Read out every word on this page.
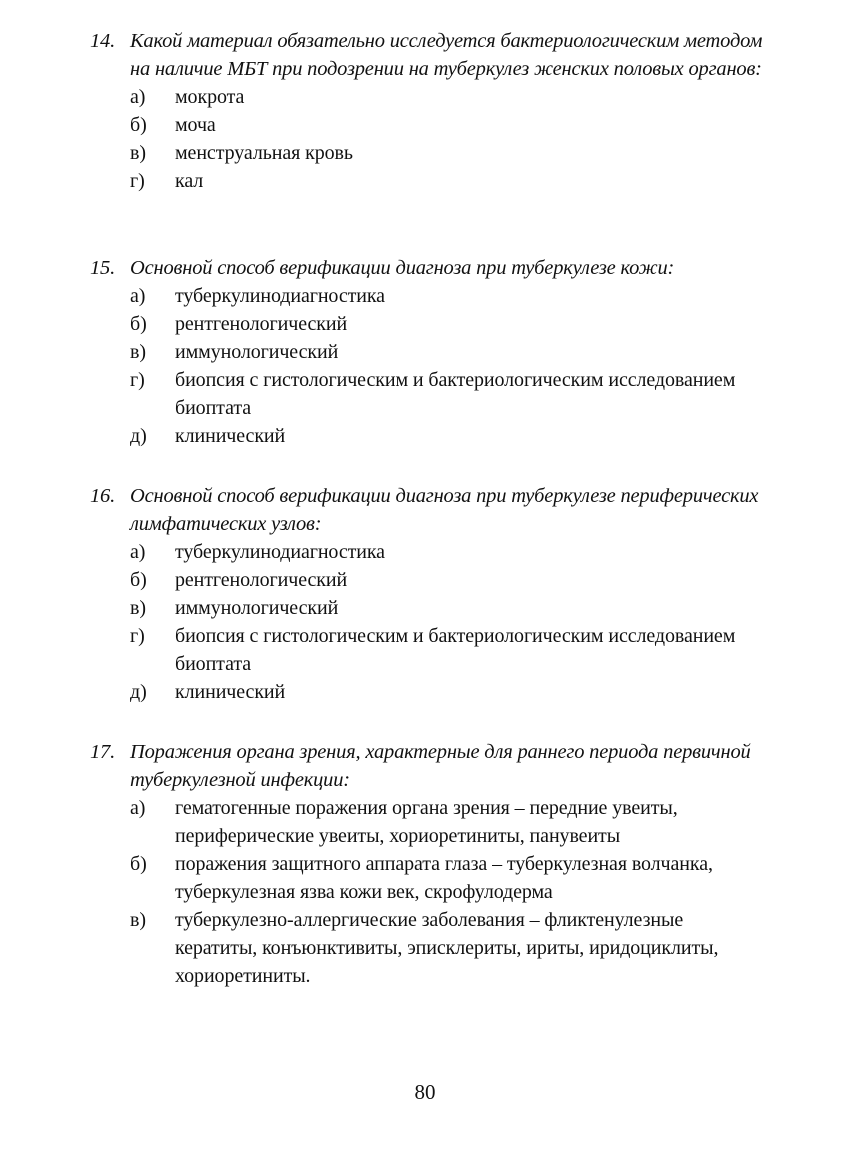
14. Какой материал обязательно исследуется бактериологическим методом на наличие МБТ при подозрении на туберкулез женских половых органов:
а) мокрота
б) моча
в) менструальная кровь
г) кал
15. Основной способ верификации диагноза при туберкулезе кожи:
а) туберкулинодиагностика
б) рентгенологический
в) иммунологический
г) биопсия с гистологическим и бактериологическим исследованием биоптата
д) клинический
16. Основной способ верификации диагноза при туберкулезе периферических лимфатических узлов:
а) туберкулинодиагностика
б) рентгенологический
в) иммунологический
г) биопсия с гистологическим и бактериологическим исследованием биоптата
д) клинический
17. Поражения органа зрения, характерные для раннего периода первичной туберкулезной инфекции:
а) гематогенные поражения органа зрения – передние увеиты, периферические увеиты, хориоретиниты, панувеиты
б) поражения защитного аппарата глаза – туберкулезная волчанка, туберкулезная язва кожи век, скрофулодерма
в) туберкулезно-аллергические заболевания – фликтенулезные кератиты, конъюнктивиты, эписклериты, ириты, иридоциклиты, хориоретиниты.
80
